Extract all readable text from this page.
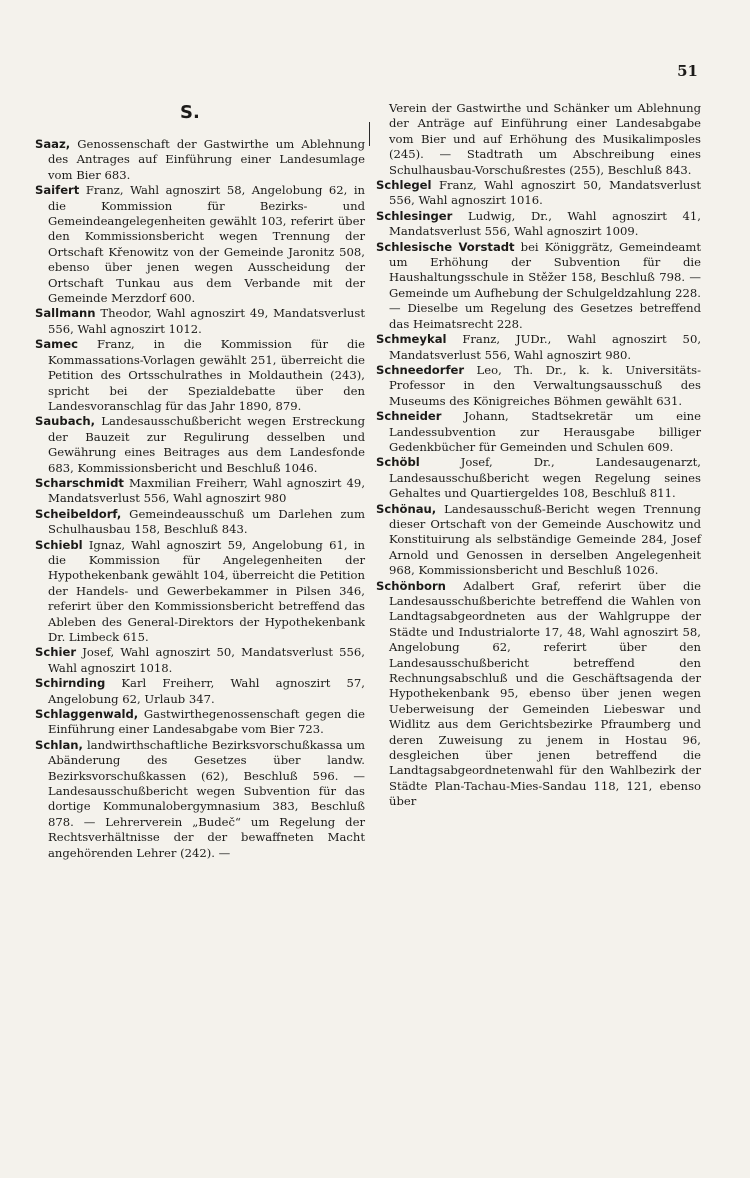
51
S.

Saaz, Genossenschaft der Gastwirthe um Ablehnung des Antrages auf Einführung einer Landesumlage vom Bier 683.

Saifert Franz, Wahl agnoszirt 58, Angelobung 62, in die Kommission für Bezirks- und Gemeindeangelegenheiten gewählt 103, referirt über den Kommissionsbericht wegen Trennung der Ortschaft Křenowitz von der Gemeinde Jaronitz 508, ebenso über jenen wegen Ausscheidung der Ortschaft Tunkau aus dem Verbande mit der Gemeinde Merzdorf 600.

Sallmann Theodor, Wahl agnoszirt 49, Mandatsverlust 556, Wahl agnoszirt 1012.

Samec Franz, in die Kommission für die Kommassations-Vorlagen gewählt 251, überreicht die Petition des Ortsschulrathes in Moldauthein (243), spricht bei der Spezialdebatte über den Landesvoranschlag für das Jahr 1890, 879.

Saubach, Landesausschußbericht wegen Erstreckung der Bauzeit zur Regulirung desselben und Gewährung eines Beitrages aus dem Landesfonde 683, Kommissionsbericht und Beschluß 1046.

Scharschmidt Maxmilian Freiherr, Wahl agnoszirt 49, Mandatsverlust 556, Wahl agnoszirt 980

Scheibeldorf, Gemeindeausschuß um Darlehen zum Schulhausbau 158, Beschluß 843.

Schiebl Ignaz, Wahl agnoszirt 59, Angelobung 61, in die Kommission für Angelegenheiten der Hypothekenbank gewählt 104, überreicht die Petition der Handels- und Gewerbekammer in Pilsen 346, referirt über den Kommissionsbericht betreffend das Ableben des General-Direktors der Hypothekenbank Dr. Limbeck 615.

Schier Josef, Wahl agnoszirt 50, Mandatsverlust 556, Wahl agnoszirt 1018.

Schirnding Karl Freiherr, Wahl agnoszirt 57, Angelobung 62, Urlaub 347.

Schlaggenwald, Gastwirthegenossenschaft gegen die Einführung einer Landesabgabe vom Bier 723.

Schlan, landwirthschaftliche Bezirksvorschußkassa um Abänderung des Gesetzes über landw. Bezirksvorschußkassen (62), Beschluß 596. — Landesausschußbericht wegen Subvention für das dortige Kommunalobergymnasium 383, Beschluß 878. — Lehrerverein „Budeč“ um Regelung der Rechtsverhältnisse der der bewaffneten Macht angehörenden Lehrer (242). —

Verein der Gastwirthe und Schänker um Ablehnung der Anträge auf Einführung einer Landesabgabe vom Bier und auf Erhöhung des Musikalimposles (245). — Stadtrath um Abschreibung eines Schulhausbau-Vorschußrestes (255), Beschluß 843.

Schlegel Franz, Wahl agnoszirt 50, Mandatsverlust 556, Wahl agnoszirt 1016.

Schlesinger Ludwig, Dr., Wahl agnoszirt 41, Mandatsverlust 556, Wahl agnoszirt 1009.

Schlesische Vorstadt bei Königgrätz, Gemeindeamt um Erhöhung der Subvention für die Haushaltungsschule in Stěžer 158, Beschluß 798. — Gemeinde um Aufhebung der Schulgeldzahlung 228. — Dieselbe um Regelung des Gesetzes betreffend das Heimatsrecht 228.

Schmeykal Franz, JUDr., Wahl agnoszirt 50, Mandatsverlust 556, Wahl agnoszirt 980.

Schneedorfer Leo, Th. Dr., k. k. Universitäts-Professor in den Verwaltungsausschuß des Museums des Königreiches Böhmen gewählt 631.

Schneider Johann, Stadtsekretär um eine Landessubvention zur Herausgabe billiger Gedenkbücher für Gemeinden und Schulen 609.

Schöbl Josef, Dr., Landesaugenarzt, Landesausschußbericht wegen Regelung seines Gehaltes und Quartiergeldes 108, Beschluß 811.

Schönau, Landesausschuß-Bericht wegen Trennung dieser Ortschaft von der Gemeinde Auschowitz und Konstituirung als selbständige Gemeinde 284, Josef Arnold und Genossen in derselben Angelegenheit 968, Kommissionsbericht und Beschluß 1026.

Schönborn Adalbert Graf, referirt über die Landesausschußberichte betreffend die Wahlen von Landtagsabgeordneten aus der Wahlgruppe der Städte und Industrialorte 17, 48, Wahl agnoszirt 58, Angelobung 62, referirt über den Landesausschußbericht betreffend den Rechnungsabschluß und die Geschäftsagenda der Hypothekenbank 95, ebenso über jenen wegen Ueberweisung der Gemeinden Liebeswar und Widlitz aus dem Gerichtsbezirke Pfraumberg und deren Zuweisung zu jenem in Hostau 96, desgleichen über jenen betreffend die Landtagsabgeordnetenwahl für den Wahlbezirk der Städte Plan-Tachau-Mies-Sandau 118, 121, ebenso über
